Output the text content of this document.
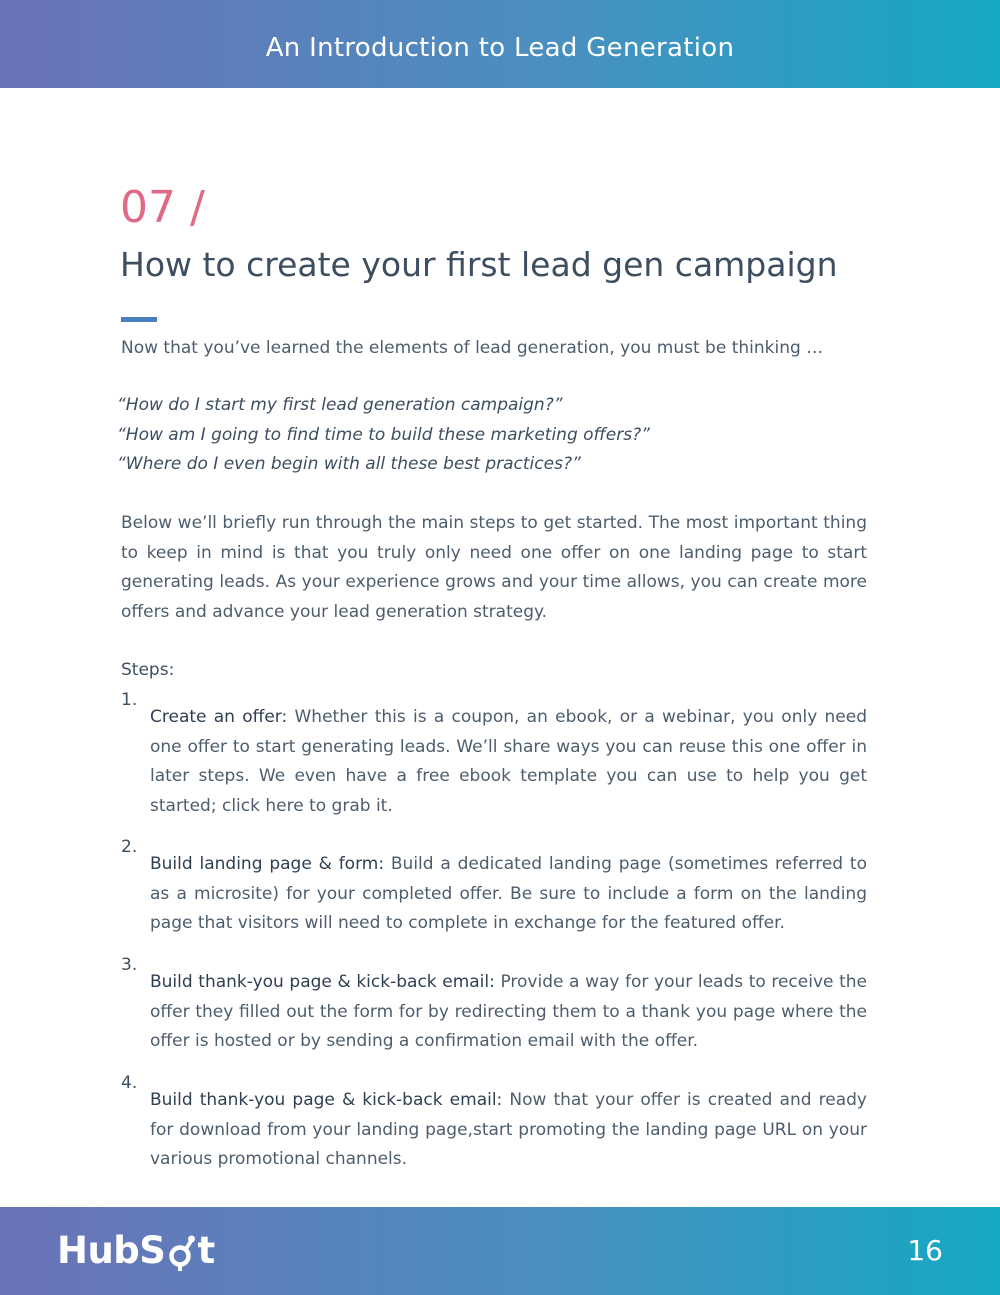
An Introduction to Lead Generation
07 /
How to create your first lead gen campaign

Now that you’ve learned the elements of lead generation, you must be thinking …

“How do I start my first lead generation campaign?”
“How am I going to find time to build these marketing offers?”
“Where do I even begin with all these best practices?”

Below we’ll briefly run through the main steps to get started. The most important thing to keep in mind is that you truly only need one offer on one landing page to start generating leads. As your experience grows and your time allows, you can create more offers and advance your lead generation strategy.

Steps:

1.

Create an offer: Whether this is a coupon, an ebook, or a webinar, you only need one offer to start generating leads. We’ll share ways you can reuse this one offer in later steps. We even have a free ebook template you can use to help you get started; click here to grab it.

2.

Build landing page & form: Build a dedicated landing page (sometimes referred to as a microsite) for your completed offer. Be sure to include a form on the landing page that visitors will need to complete in exchange for the featured offer.

3.

Build thank-you page & kick-back email: Provide a way for your leads to receive the offer they filled out the form for by redirecting them to a thank you page where the offer is hosted or by sending a confirmation email with the offer.

4.

Build thank-you page & kick-back email: Now that your offer is created and ready for download from your landing page,start promoting the landing page URL on your various promotional channels.

HubS t	16
